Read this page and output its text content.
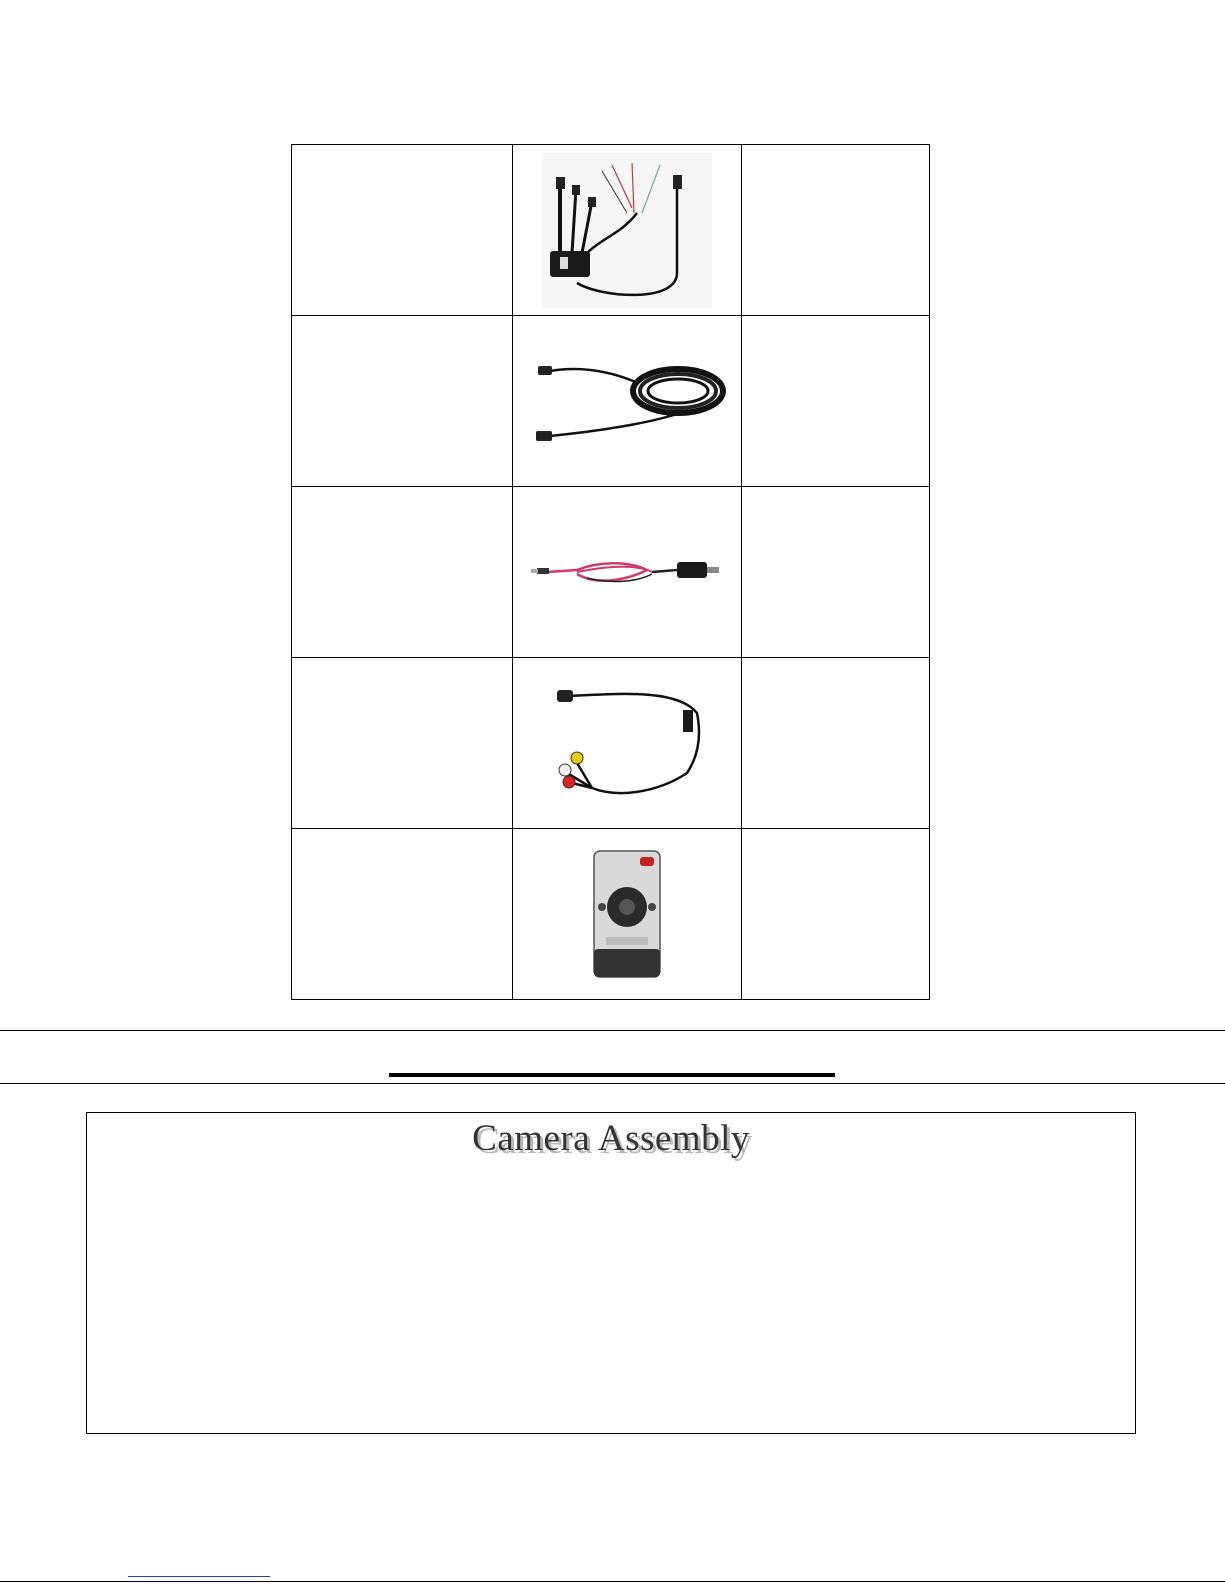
Camera Assembly
